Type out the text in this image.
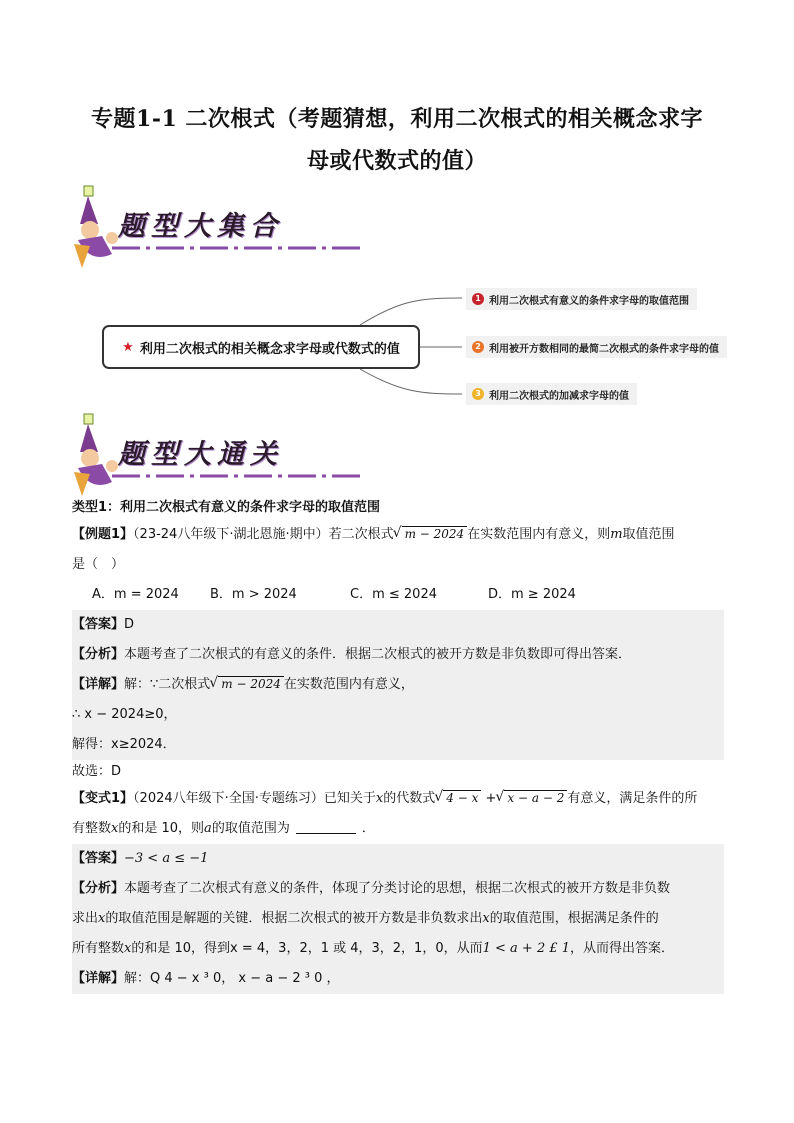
专题1-1 二次根式（考题猜想，利用二次根式的相关概念求字
母或代数式的值）
题型大集合
★ 利用二次根式的相关概念求字母或代数式的值
1 利用二次根式有意义的条件求字母的取值范围
2 利用被开方数相同的最简二次根式的条件求字母的值
3 利用二次根式的加减求字母的值
题型大通关
类型1：利用二次根式有意义的条件求字母的取值范围
【例题1】（23-24八年级下·湖北恩施·期中）若二次根式 √ m − 2024 在实数范围内有意义，则m取值范围
是（　）
A．m = 2024 B．m > 2024	C．m ≤ 2024	D．m ≥ 2024
【答案】D
【分析】本题考查了二次根式的有意义的条件．根据二次根式的被开方数是非负数即可得出答案．
【详解】解：∵二次根式 √ m − 2024 在实数范围内有意义，
∴ x − 2024≥0，
解得：x≥2024．
故选：D
【变式1】（2024八年级下·全国·专题练习）已知关于x的代数式 √ 4 − x + √ x − a − 2 有意义，满足条件的所
有整数x的和是 10，则a的取值范围为	．
【答案】−3 < a ≤ −1
【分析】本题考查了二次根式有意义的条件，体现了分类讨论的思想，根据二次根式的被开方数是非负数
求出x的取值范围是解题的关键．根据二次根式的被开方数是非负数求出x的取值范围，根据满足条件的
所有整数x的和是 10，得到x = 4，3，2，1 或 4，3，2，1，0，从而1 < a + 2 £ 1，从而得出答案．
【详解】解：Q 4 − x ³ 0， x − a − 2 ³ 0 ，
